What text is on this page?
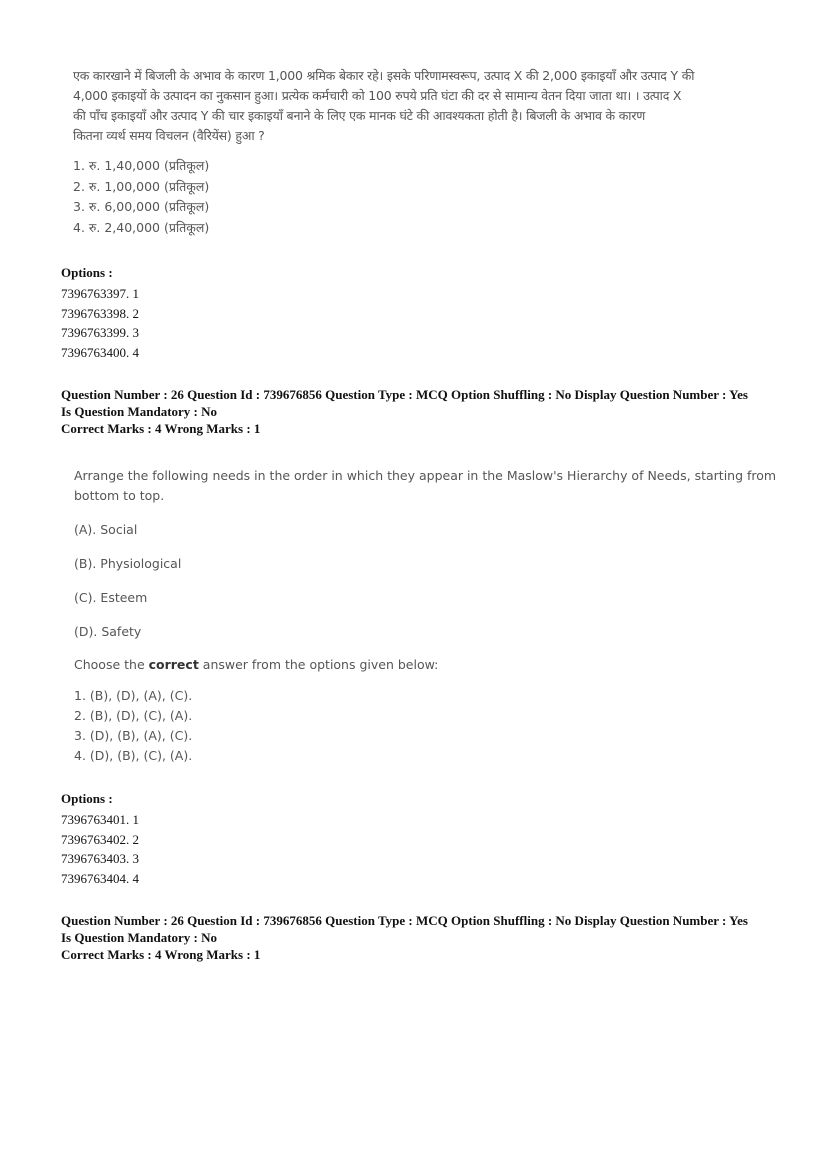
एक कारखाने में बिजली के अभाव के कारण 1,000 श्रमिक बेकार रहे। इसके परिणामस्वरूप, उत्पाद X की 2,000 इकाइयाँ और उत्पाद Y की
4,000 इकाइयों के उत्पादन का नुकसान हुआ। प्रत्येक कर्मचारी को 100 रुपये प्रति घंटा की दर से सामान्य वेतन दिया जाता था। । उत्पाद X
की पाँच इकाइयाँ और उत्पाद Y की चार इकाइयाँ बनाने के लिए एक मानक घंटे की आवश्यकता होती है। बिजली के अभाव के कारण
कितना व्यर्थ समय विचलन (वैरियेंस) हुआ ?

1. रु. 1,40,000 (प्रतिकूल)
2. रु. 1,00,000 (प्रतिकूल)
3. रु. 6,00,000 (प्रतिकूल)
4. रु. 2,40,000 (प्रतिकूल)
Options :
7396763397. 1
7396763398. 2
7396763399. 3
7396763400. 4
Question Number : 26 Question Id : 739676856 Question Type : MCQ Option Shuffling : No Display Question Number : Yes
Is Question Mandatory : No
Correct Marks : 4 Wrong Marks : 1

Arrange the following needs in the order in which they appear in the Maslow's Hierarchy of Needs, starting from
bottom to top.

(A). Social
(B). Physiological
(C). Esteem
(D). Safety
Choose the correct answer from the options given below:
1. (B), (D), (A), (C).
2. (B), (D), (C), (A).
3. (D), (B), (A), (C).
4. (D), (B), (C), (A).
Options :
7396763401. 1
7396763402. 2
7396763403. 3
7396763404. 4
Question Number : 26 Question Id : 739676856 Question Type : MCQ Option Shuffling : No Display Question Number : Yes
Is Question Mandatory : No
Correct Marks : 4 Wrong Marks : 1
